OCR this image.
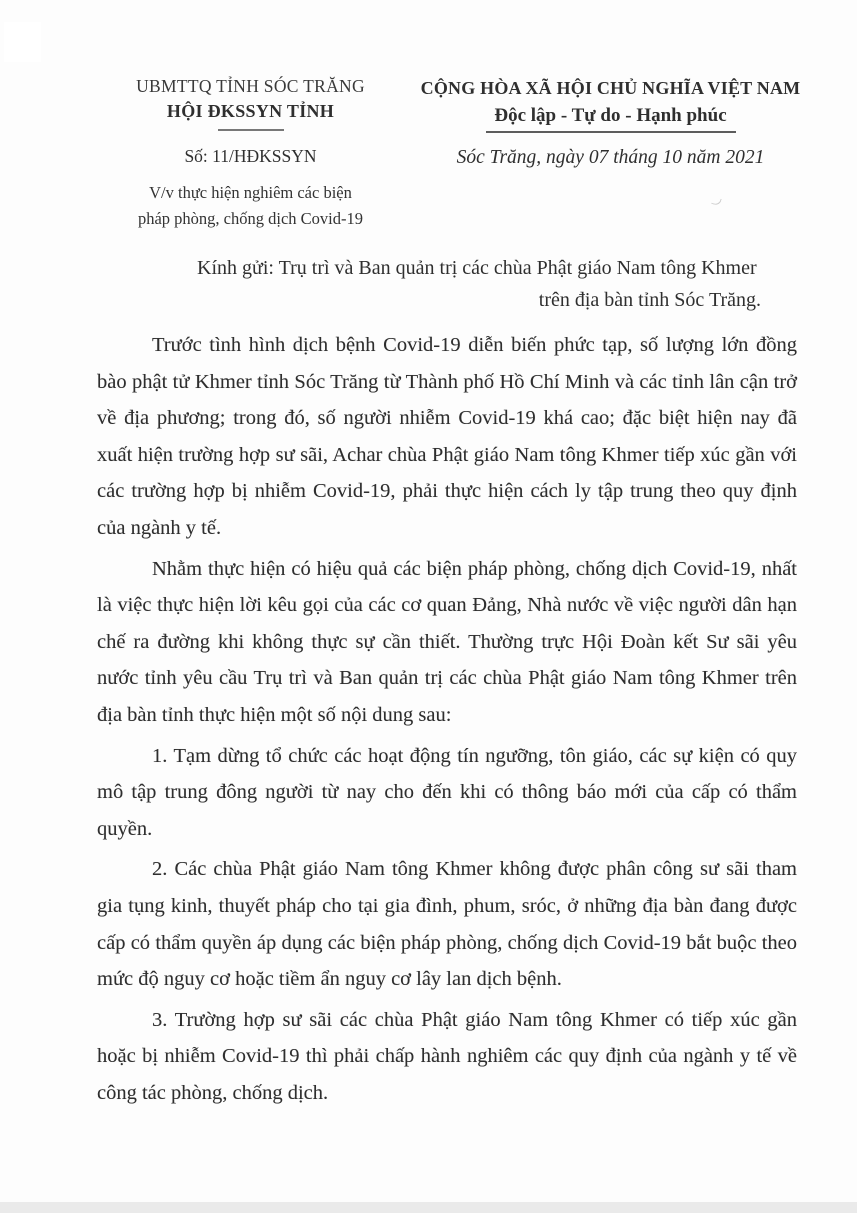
UBMTTQ TỈNH SÓC TRĂNG
HỘI ĐKSSYN TỈNH
Số: 11/HĐKSSYN
V/v thực hiện nghiêm các biện
pháp phòng, chống dịch Covid-19
CỘNG HÒA XÃ HỘI CHỦ NGHĨA VIỆT NAM
Độc lập - Tự do - Hạnh phúc
Sóc Trăng, ngày 07 tháng 10 năm 2021
Kính gửi: Trụ trì và Ban quản trị các chùa Phật giáo Nam tông Khmer
trên địa bàn tỉnh Sóc Trăng.

Trước tình hình dịch bệnh Covid-19 diễn biến phức tạp, số lượng lớn đồng bào phật tử Khmer tỉnh Sóc Trăng từ Thành phố Hồ Chí Minh và các tỉnh lân cận trở về địa phương; trong đó, số người nhiễm Covid-19 khá cao; đặc biệt hiện nay đã xuất hiện trường hợp sư sãi, Achar chùa Phật giáo Nam tông Khmer tiếp xúc gần với các trường hợp bị nhiễm Covid-19, phải thực hiện cách ly tập trung theo quy định của ngành y tế.

Nhằm thực hiện có hiệu quả các biện pháp phòng, chống dịch Covid-19, nhất là việc thực hiện lời kêu gọi của các cơ quan Đảng, Nhà nước về việc người dân hạn chế ra đường khi không thực sự cần thiết. Thường trực Hội Đoàn kết Sư sãi yêu nước tỉnh yêu cầu Trụ trì và Ban quản trị các chùa Phật giáo Nam tông Khmer trên địa bàn tỉnh thực hiện một số nội dung sau:

1. Tạm dừng tổ chức các hoạt động tín ngưỡng, tôn giáo, các sự kiện có quy mô tập trung đông người từ nay cho đến khi có thông báo mới của cấp có thẩm quyền.

2. Các chùa Phật giáo Nam tông Khmer không được phân công sư sãi tham gia tụng kinh, thuyết pháp cho tại gia đình, phum, sróc, ở những địa bàn đang được cấp có thẩm quyền áp dụng các biện pháp phòng, chống dịch Covid-19 bắt buộc theo mức độ nguy cơ hoặc tiềm ẩn nguy cơ lây lan dịch bệnh.

3. Trường hợp sư sãi các chùa Phật giáo Nam tông Khmer có tiếp xúc gần hoặc bị nhiễm Covid-19 thì phải chấp hành nghiêm các quy định của ngành y tế về công tác phòng, chống dịch.
